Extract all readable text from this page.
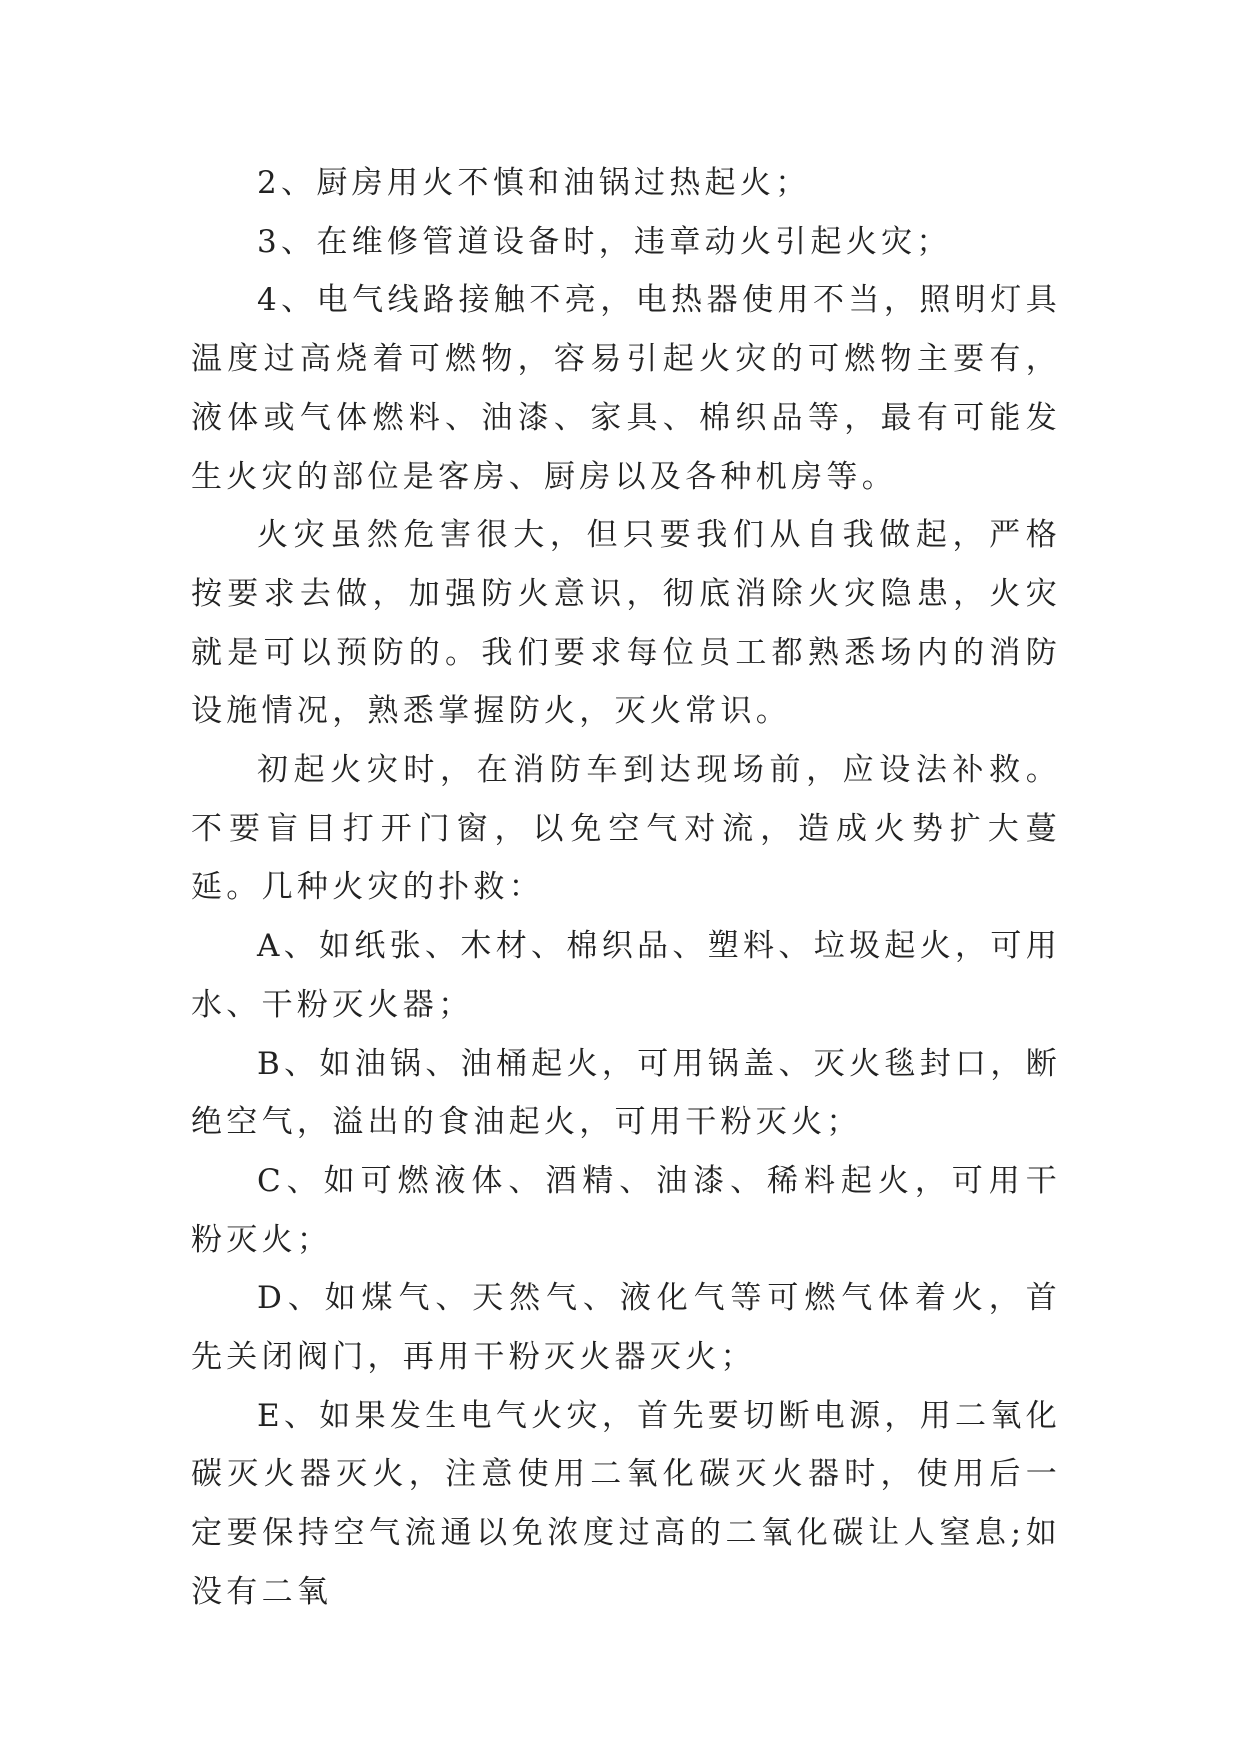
2、厨房用火不慎和油锅过热起火；

3、在维修管道设备时，违章动火引起火灾；

4、电气线路接触不亮，电热器使用不当，照明灯具温度过高烧着可燃物，容易引起火灾的可燃物主要有，液体或气体燃料、油漆、家具、棉织品等，最有可能发生火灾的部位是客房、厨房以及各种机房等。

火灾虽然危害很大，但只要我们从自我做起，严格按要求去做，加强防火意识，彻底消除火灾隐患，火灾就是可以预防的。我们要求每位员工都熟悉场内的消防设施情况，熟悉掌握防火，灭火常识。

初起火灾时，在消防车到达现场前，应设法补救。不要盲目打开门窗，以免空气对流，造成火势扩大蔓延。几种火灾的扑救：

A、如纸张、木材、棉织品、塑料、垃圾起火，可用水、干粉灭火器；

B、如油锅、油桶起火，可用锅盖、灭火毯封口，断绝空气，溢出的食油起火，可用干粉灭火；

C、如可燃液体、酒精、油漆、稀料起火，可用干粉灭火；

D、如煤气、天然气、液化气等可燃气体着火，首先关闭阀门，再用干粉灭火器灭火；

E、如果发生电气火灾，首先要切断电源，用二氧化碳灭火器灭火，注意使用二氧化碳灭火器时，使用后一定要保持空气流通以免浓度过高的二氧化碳让人窒息;如没有二氧
